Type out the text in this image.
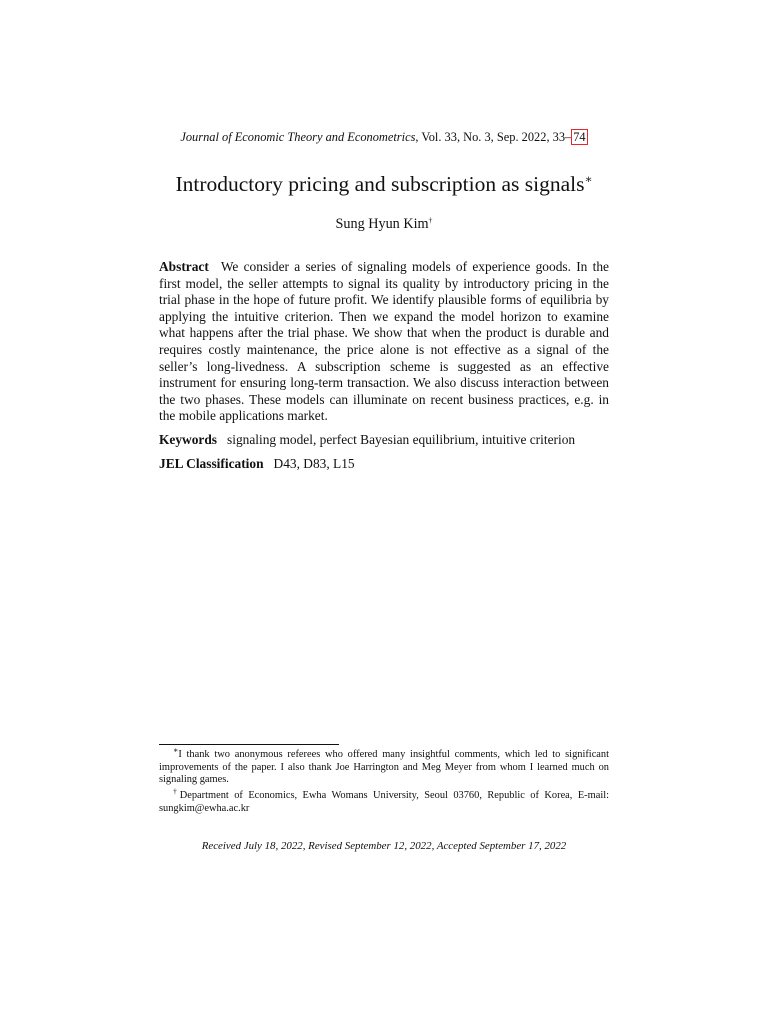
Journal of Economic Theory and Econometrics, Vol. 33, No. 3, Sep. 2022, 33– 74
Introductory pricing and subscription as signals∗
Sung Hyun Kim†
Abstract We consider a series of signaling models of experience goods. In the first model, the seller attempts to signal its quality by introductory pricing in the trial phase in the hope of future profit. We identify plausible forms of equilibria by applying the intuitive criterion. Then we expand the model horizon to examine what happens after the trial phase. We show that when the product is durable and requires costly maintenance, the price alone is not effective as a signal of the seller’s long-livedness. A subscription scheme is suggested as an effective instrument for ensuring long-term transaction. We also discuss interaction between the two phases. These models can illuminate on recent business practices, e.g. in the mobile applications market.
Keywords signaling model, perfect Bayesian equilibrium, intuitive criterion
JEL Classification D43, D83, L15
∗I thank two anonymous referees who offered many insightful comments, which led to significant improvements of the paper. I also thank Joe Harrington and Meg Meyer from whom I learned much on signaling games.
†Department of Economics, Ewha Womans University, Seoul 03760, Republic of Korea, E-mail: sungkim@ewha.ac.kr
Received July 18, 2022, Revised September 12, 2022, Accepted September 17, 2022
